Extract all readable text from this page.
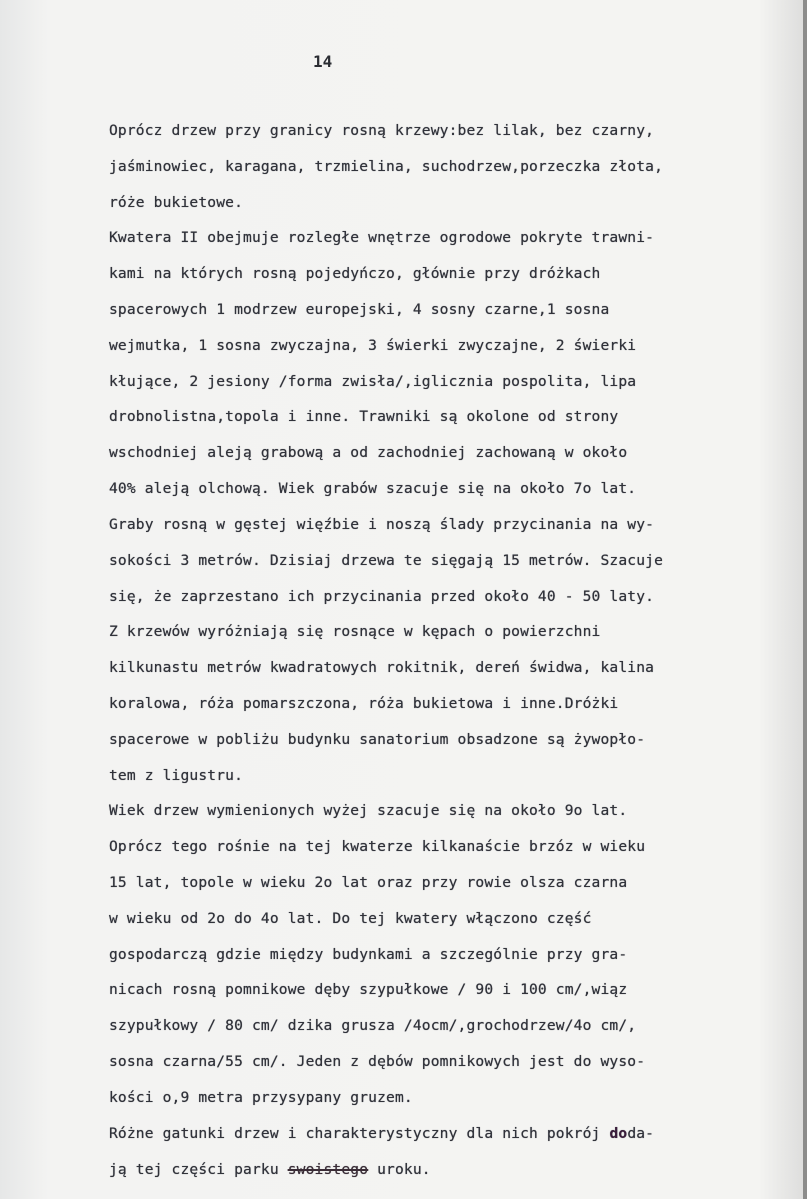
14
Oprócz drzew przy granicy rosną krzewy:bez lilak, bez czarny,
jaśminowiec, karagana, trzmielina, suchodrzew,porzeczka złota,
róże bukietowe.
Kwatera II obejmuje rozległe wnętrze ogrodowe pokryte trawni-
kami na których rosną pojedyńczo, głównie przy dróżkach
spacerowych 1 modrzew europejski, 4 sosny czarne,1 sosna
wejmutka, 1 sosna zwyczajna, 3 świerki zwyczajne, 2 świerki
kłujące, 2 jesiony /forma zwisła/,iglicznia pospolita, lipa
drobnolistna,topola i inne. Trawniki są okolone od strony
wschodniej aleją grabową a od zachodniej zachowaną w około
40% aleją olchową. Wiek grabów szacuje się na około 7o lat.
Graby rosną w gęstej więźbie i noszą ślady przycinania na wy-
sokości 3 metrów. Dzisiaj drzewa te sięgają 15 metrów. Szacuje
się, że zaprzestano ich przycinania przed około 40 - 50 laty.
Z krzewów wyróżniają się rosnące w kępach o powierzchni
kilkunastu metrów kwadratowych rokitnik, dereń świdwa, kalina
koralowa, róża pomarszczona, róża bukietowa i inne.Dróżki
spacerowe w pobliżu budynku sanatorium obsadzone są żywopło-
tem z ligustru.
Wiek drzew wymienionych wyżej szacuje się na około 9o lat.
Oprócz tego rośnie na tej kwaterze kilkanaście brzóz w wieku
15 lat, topole w wieku 2o lat oraz przy rowie olsza czarna
w wieku od 2o do 4o lat. Do tej kwatery włączono część
gospodarczą gdzie między budynkami a szczególnie przy gra-
nicach rosną pomnikowe dęby szypułkowe / 90 i 100 cm/,wiąz
szypułkowy / 80 cm/ dzika grusza /4ocm/,grochodrzew/4o cm/,
sosna czarna/55 cm/. Jeden z dębów pomnikowych jest do wyso-
kości o,9 metra przysypany gruzem.
Różne gatunki drzew i charakterystyczny dla nich pokrój doda-
ją tej części parku swoistego uroku.
